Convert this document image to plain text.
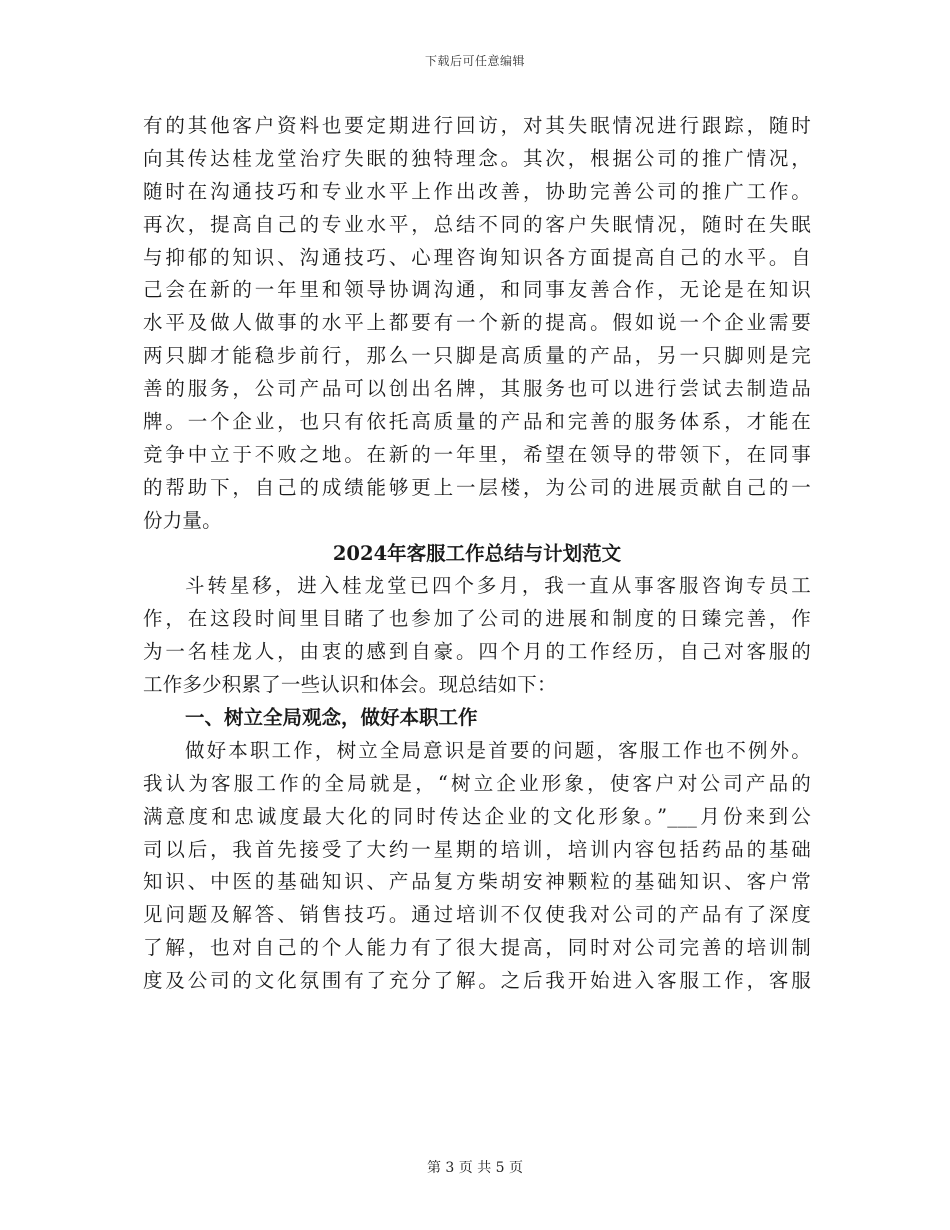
下载后可任意编辑
有的其他客户资料也要定期进行回访，对其失眠情况进行跟踪，随时
向其传达桂龙堂治疗失眠的独特理念。其次，根据公司的推广情况，
随时在沟通技巧和专业水平上作出改善，协助完善公司的推广工作。
再次，提高自己的专业水平，总结不同的客户失眠情况，随时在失眠
与抑郁的知识、沟通技巧、心理咨询知识各方面提高自己的水平。自
己会在新的一年里和领导协调沟通，和同事友善合作，无论是在知识
水平及做人做事的水平上都要有一个新的提高。假如说一个企业需要
两只脚才能稳步前行，那么一只脚是高质量的产品，另一只脚则是完
善的服务，公司产品可以创出名牌，其服务也可以进行尝试去制造品
牌。一个企业，也只有依托高质量的产品和完善的服务体系，才能在
竞争中立于不败之地。在新的一年里，希望在领导的带领下，在同事
的帮助下，自己的成绩能够更上一层楼，为公司的进展贡献自己的一
份力量。
2024年客服工作总结与计划范文
斗转星移，进入桂龙堂已四个多月，我一直从事客服咨询专员工
作，在这段时间里目睹了也参加了公司的进展和制度的日臻完善，作
为一名桂龙人，由衷的感到自豪。四个月的工作经历，自己对客服的
工作多少积累了一些认识和体会。现总结如下：
一、树立全局观念，做好本职工作
做好本职工作，树立全局意识是首要的问题，客服工作也不例外。
我认为客服工作的全局就是，“树立企业形象，使客户对公司产品的
满意度和忠诚度最大化的同时传达企业的文化形象。”___月份来到公
司以后，我首先接受了大约一星期的培训，培训内容包括药品的基础
知识、中医的基础知识、产品复方柴胡安神颗粒的基础知识、客户常
见问题及解答、销售技巧。通过培训不仅使我对公司的产品有了深度
了解，也对自己的个人能力有了很大提高，同时对公司完善的培训制
度及公司的文化氛围有了充分了解。之后我开始进入客服工作，客服
第 3 页 共 5 页
